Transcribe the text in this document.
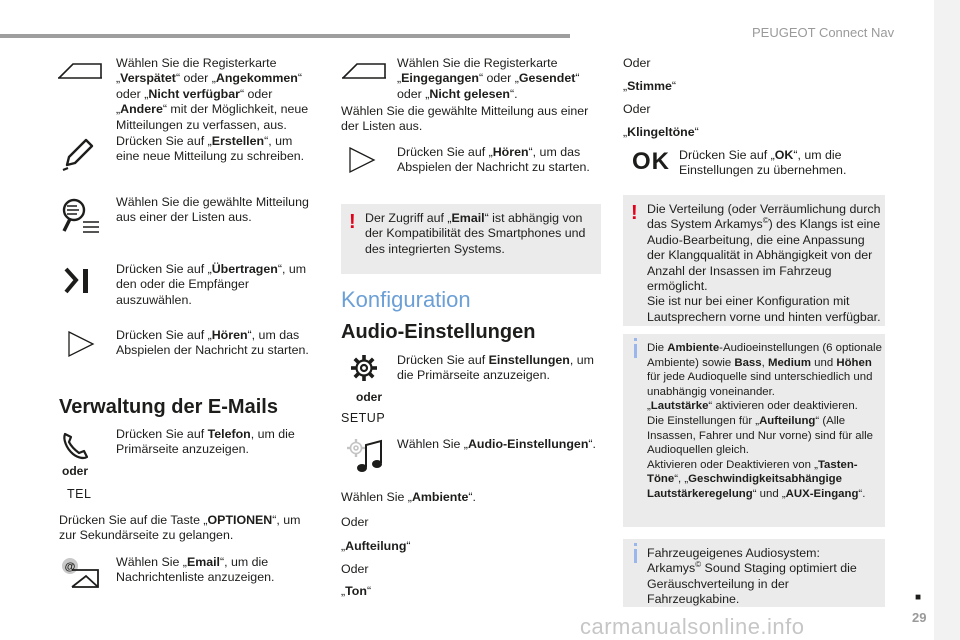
PEUGEOT Connect Nav

Wählen Sie die Registerkarte „Verspätet“ oder „Angekommen“ oder „Nicht verfügbar“ oder „Andere“ mit der Möglichkeit, neue Mitteilungen zu verfassen, aus.

Drücken Sie auf „Erstellen“, um eine neue Mitteilung zu schreiben.

Wählen Sie die gewählte Mitteilung aus einer der Listen aus.

Drücken Sie auf „Übertragen“, um den oder die Empfänger auszuwählen.

Drücken Sie auf „Hören“, um das Abspielen der Nachricht zu starten.

Verwaltung der E-Mails
oder
TEL

Drücken Sie auf Telefon, um die Primärseite anzuzeigen.

Drücken Sie auf die Taste „OPTIONEN“, um zur Sekundärseite zu gelangen.

@	Wählen Sie „Email“, um die Nachrichtenliste anzuzeigen.

Wählen Sie die Registerkarte „Eingegangen“ oder „Gesendet“ oder „Nicht gelesen“.

Wählen Sie die gewählte Mitteilung aus einer der Listen aus.

Drücken Sie auf „Hören“, um das Abspielen der Nachricht zu starten.

! Der Zugriff auf „Email“ ist abhängig von der Kompatibilität des Smartphones und des integrierten Systems.

Konfiguration
Audio-Einstellungen
oder
SETUP

Drücken Sie auf Einstellungen, um die Primärseite anzuzeigen.

Wählen Sie „Audio-Einstellungen“.

Wählen Sie „Ambiente“.

Oder

„Aufteilung“

Oder

„Ton“

Oder

„Stimme“

Oder

„Klingeltöne“

OK Drücken Sie auf „OK“, um die Einstellungen zu übernehmen.

! Die Verteilung (oder Verräumlichung durch das System Arkamys©) des Klangs ist eine Audio-Bearbeitung, die eine Anpassung der Klangqualität in Abhängigkeit von der Anzahl der Insassen im Fahrzeug ermöglicht.
Sie ist nur bei einer Konfiguration mit Lautsprechern vorne und hinten verfügbar.

Die Ambiente-Audioeinstellungen (6 optionale Ambiente) sowie Bass, Medium und Höhen für jede Audioquelle sind unterschiedlich und unabhängig voneinander.
„Lautstärke“ aktivieren oder deaktivieren.
Die Einstellungen für „Aufteilung“ (Alle Insassen, Fahrer und Nur vorne) sind für alle Audioquellen gleich.
Aktivieren oder Deaktivieren von „Tasten-Töne“, „Geschwindigkeitsabhängige Lautstärkeregelung“ und „AUX-Eingang“.

Fahrzeugeigenes Audiosystem:
Arkamys© Sound Staging optimiert die Geräuschverteilung in der Fahrzeugkabine.	■
29
carmanualsonline.info
